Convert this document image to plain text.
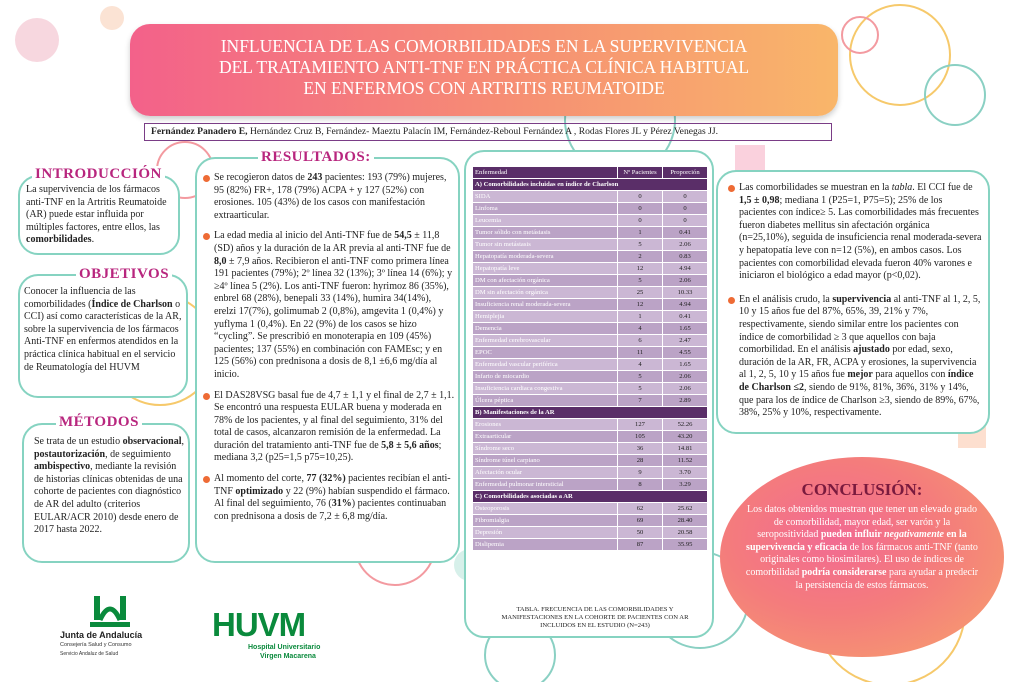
INFLUENCIA DE LAS COMORBILIDADES EN LA SUPERVIVENCIA
DEL TRATAMIENTO ANTI-TNF EN PRÁCTICA CLÍNICA HABITUAL
EN ENFERMOS CON ARTRITIS REUMATOIDE
Fernández Panadero E, Hernández Cruz B, Fernández- Maeztu Palacín IM, Fernández-Reboul Fernández A , Rodas Flores JL y Pérez Venegas JJ.
INTRODUCCIÓN
La supervivencia de los fármacos anti-TNF en la Artritis Reumatoide (AR) puede estar influida por múltiples factores, entre ellos, las comorbilidades.
OBJETIVOS
Conocer la influencia de las comorbilidades (Índice de Charlson o CCI) así como características de la AR, sobre la supervivencia de los fármacos Anti-TNF en enfermos atendidos en la práctica clínica habitual en el servicio de Reumatología del HUVM
MÉTODOS
Se trata de un estudio observacional, postautorización, de seguimiento ambispectivo, mediante la revisión de historias clínicas obtenidas de una cohorte de pacientes con diagnóstico de AR del adulto (criterios EULAR/ACR 2010) desde enero de 2017 hasta 2022.
RESULTADOS:
Se recogieron datos de 243 pacientes: 193 (79%) mujeres, 95 (82%) FR+, 178 (79%) ACPA + y 127 (52%) con erosiones. 105 (43%) de los casos con manifestación extraarticular.
La edad media al inicio del Anti-TNF fue de 54,5 ± 11,8 (SD) años y la duración de la AR previa al anti-TNF fue de 8,0 ± 7,9 años. Recibieron el anti-TNF como primera línea 191 pacientes (79%); 2º línea 32 (13%); 3º línea 14 (6%); y ≥4º línea 5 (2%). Los anti-TNF fueron: hyrimoz 86 (35%), enbrel 68 (28%), benepali 33 (14%), humira 34(14%), erelzi 17(7%), golimumab 2 (0,8%), amgevita 1 (0,4%) y yuflyma 1 (0,4%). En 22 (9%) de los casos se hizo “cycling”. Se prescribió en monoterapia en 109 (45%) pacientes; 137 (55%) en combinación con FAMEsc; y en 125 (56%) con prednisona a dosis de 8,1 ±6,6 mg/día al inicio.
El DAS28VSG basal fue de 4,7 ± 1,1 y el final de 2,7 ± 1,1. Se encontró una respuesta EULAR buena y moderada en 78% de los pacientes, y al final del seguimiento, 31% del total de casos, alcanzaron remisión de la enfermedad. La duración del tratamiento anti-TNF fue de 5,8 ± 5,6 años; mediana 3,2 (p25=1,5 p75=10,25).
Al momento del corte, 77 (32%) pacientes recibían el anti-TNF optimizado y 22 (9%) habían suspendido el fármaco. Al final del seguimiento, 76 (31%) pacientes continuaban con prednisona a dosis de 7,2 ± 6,8 mg/día.
Enfermedad	Nº Pacientes	Proporción
A) Comorbilidades incluidas en índice de Charlson		
SIDA	0	0
Linfoma	0	0
Leucemia	0	0
Tumor sólido con metástasis	1	0.41
Tumor sin metástasis	5	2.06
Hepatopatía moderada-severa	2	0.83
Hepatopatía leve	12	4.94
DM con afectación orgánica	5	2.06
DM sin afectación orgánica	25	10.33
Insuficiencia renal moderada-severa	12	4.94
Hemiplejia	1	0.41
Demencia	4	1.65
Enfermedad cerebrovascular	6	2.47
EPOC	11	4.55
Enfermedad vascular periférica	4	1.65
Infarto de miocardio	5	2.06
Insuficiencia cardiaca congestiva	5	2.06
Úlcera péptica	7	2.89
B) Manifestaciones de la AR		
Erosiones	127	52.26
Extraarticular	105	43.20
Síndrome seco	36	14.81
Síndrome túnel carpiano	28	11.52
Afectación ocular	9	3.70
Enfermedad pulmonar intersticial	8	3.29
C) Comorbilidades asociadas a AR		
Osteoporosis	62	25.62
Fibromialgia	69	28.40
Depresión	50	20.58
Dislipemia	87	35.95
TABLA. FRECUENCIA DE LAS COMORBILIDADES Y MANIFESTACIONES EN LA COHORTE DE PACIENTES CON AR INCLUIDOS EN EL ESTUDIO (N=243)
Las comorbilidades se muestran en la tabla. El CCI fue de 1,5 ± 0,98; mediana 1 (P25=1, P75=5); 25% de los pacientes con índice≥ 5. Las comorbilidades más frecuentes fueron diabetes mellitus sin afectación orgánica (n=25,10%), seguida de insuficiencia renal moderada-severa y hepatopatía leve con n=12 (5%), en ambos casos. Los pacientes con comorbilidad elevada fueron 40% varones e iniciaron el biológico a edad mayor (p<0,02).
En el análisis crudo, la supervivencia al anti-TNF al 1, 2, 5, 10 y 15 años fue del 87%, 65%, 39, 21% y 7%, respectivamente, siendo similar entre los pacientes con índice de comorbilidad ≥ 3 que aquellos con baja comorbilidad. En el análisis ajustado por edad, sexo, duración de la AR, FR, ACPA y erosiones, la supervivencia al 1, 2, 5, 10 y 15 años fue mejor para aquellos con índice de Charlson ≤2, siendo de 91%, 81%, 36%, 31% y 14%, que para los de índice de Charlson ≥3, siendo de 89%, 67%, 38%, 25% y 10%, respectivamente.
CONCLUSIÓN:
Los datos obtenidos muestran que tener un elevado grado de comorbilidad, mayor edad, ser varón y la seropositividad pueden influir negativamente en la supervivencia y eficacia de los fármacos anti-TNF (tanto originales como biosimilares). El uso de índices de comorbilidad podría considerarse para ayudar a predecir la persistencia de estos fármacos.
Junta de Andalucía
Consejería Salud y Consumo
Servicio Andaluz de Salud
HUVM
Hospital Universitario
Virgen Macarena
